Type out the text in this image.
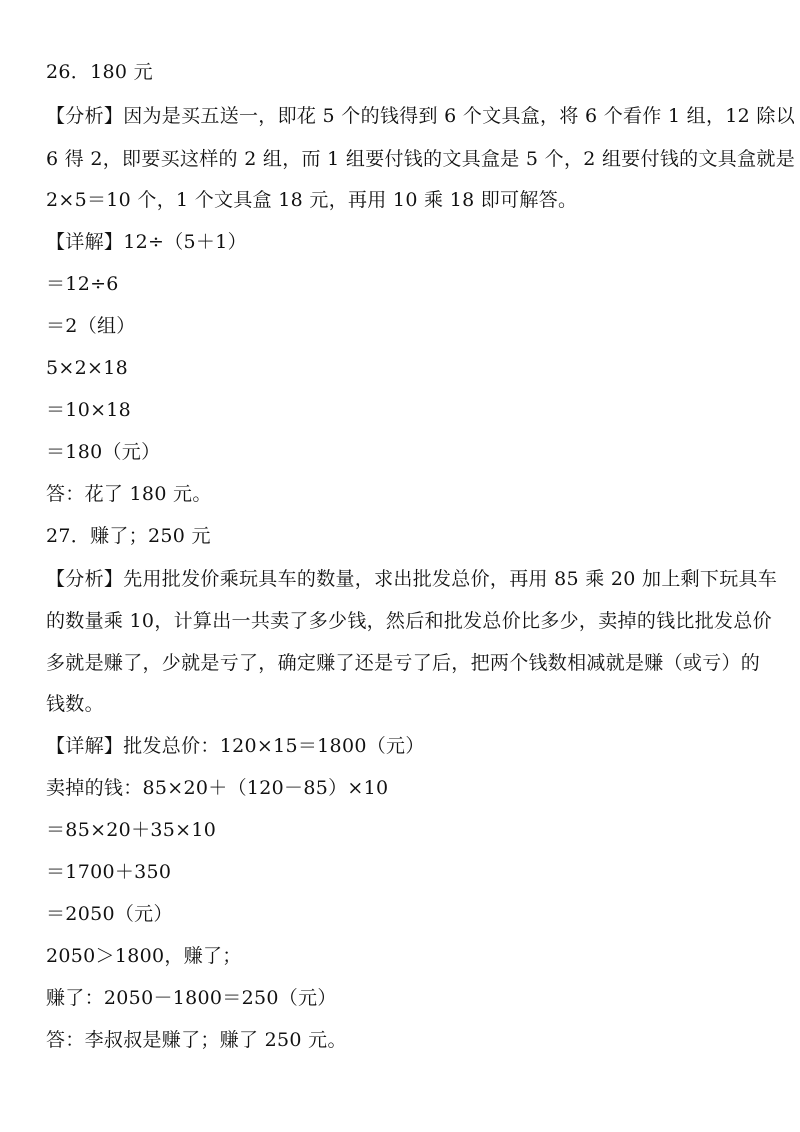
26．180 元
【分析】因为是买五送一，即花 5 个的钱得到 6 个文具盒，将 6 个看作 1 组，12 除以
6 得 2，即要买这样的 2 组，而 1 组要付钱的文具盒是 5 个，2 组要付钱的文具盒就是
2×5＝10 个，1 个文具盒 18 元，再用 10 乘 18 即可解答。
【详解】12÷（5＋1）
＝12÷6
＝2（组）
5×2×18
＝10×18
＝180（元）
答：花了 180 元。
27．赚了；250 元
【分析】先用批发价乘玩具车的数量，求出批发总价，再用 85 乘 20 加上剩下玩具车
的数量乘 10，计算出一共卖了多少钱，然后和批发总价比多少，卖掉的钱比批发总价
多就是赚了，少就是亏了，确定赚了还是亏了后，把两个钱数相减就是赚（或亏）的
钱数。
【详解】批发总价：120×15＝1800（元）
卖掉的钱：85×20＋（120－85）×10
＝85×20＋35×10
＝1700＋350
＝2050（元）
2050＞1800，赚了；
赚了：2050－1800＝250（元）
答：李叔叔是赚了；赚了 250 元。
